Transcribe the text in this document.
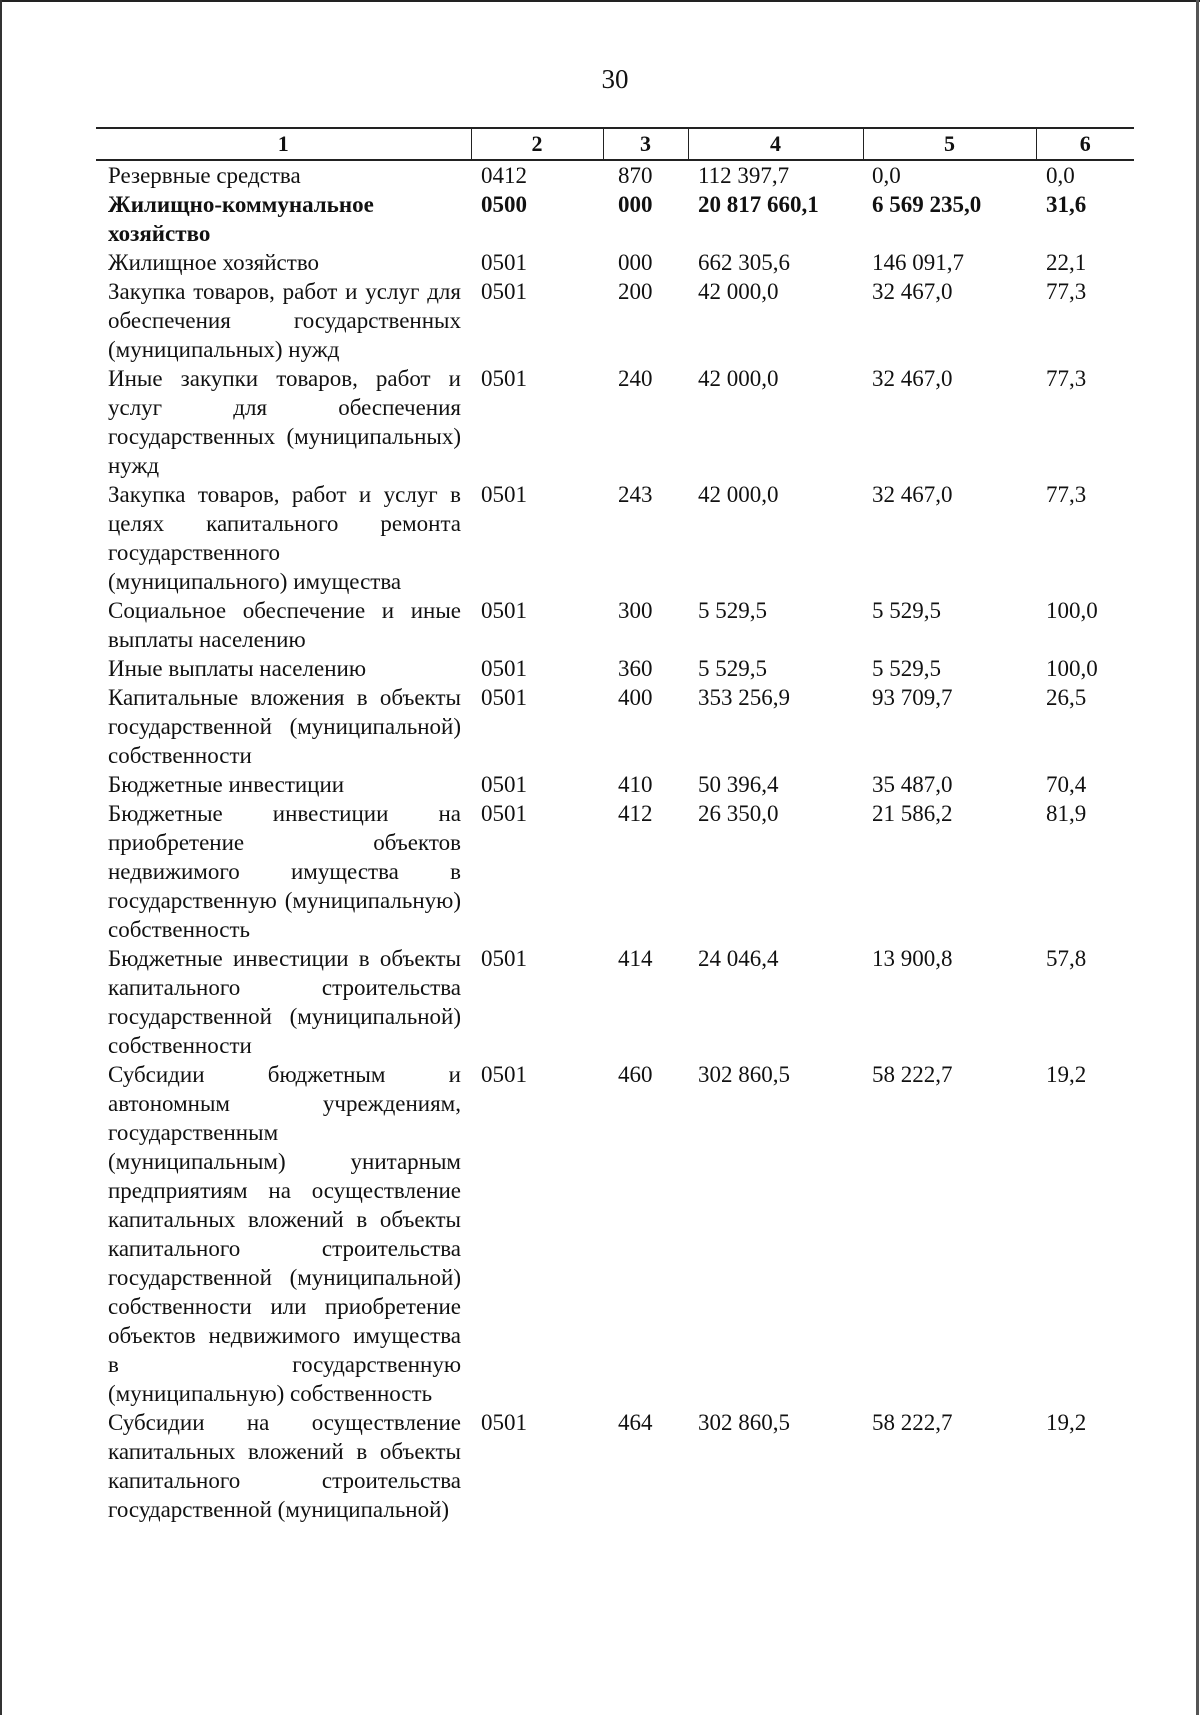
30
1	2	3	4	5	6
Резервные средства	0412	870	112 397,7	0,0	0,0
Жилищно-коммунальное хозяйство	0500	000	20 817 660,1	6 569 235,0	31,6
Жилищное хозяйство	0501	000	662 305,6	146 091,7	22,1
Закупка товаров, работ и услуг для обеспечения государственных (муниципальных) нужд	0501	200	42 000,0	32 467,0	77,3
Иные закупки товаров, работ и услуг для обеспечения государственных (муниципальных) нужд	0501	240	42 000,0	32 467,0	77,3
Закупка товаров, работ и услуг в целях капитального ремонта государственного (муниципального) имущества	0501	243	42 000,0	32 467,0	77,3
Социальное обеспечение и иные выплаты населению	0501	300	5 529,5	5 529,5	100,0
Иные выплаты населению	0501	360	5 529,5	5 529,5	100,0
Капитальные вложения в объекты государственной (муниципальной) собственности	0501	400	353 256,9	93 709,7	26,5
Бюджетные инвестиции	0501	410	50 396,4	35 487,0	70,4
Бюджетные инвестиции на приобретение объектов недвижимого имущества в государственную (муниципальную) собственность	0501	412	26 350,0	21 586,2	81,9
Бюджетные инвестиции в объекты капитального строительства государственной (муниципальной) собственности	0501	414	24 046,4	13 900,8	57,8
Субсидии бюджетным и автономным учреждениям, государственным (муниципальным) унитарным предприятиям на осуществление капитальных вложений в объекты капитального строительства государственной (муниципальной) собственности или приобретение объектов недвижимого имущества в государственную (муниципальную) собственность	0501	460	302 860,5	58 222,7	19,2
Субсидии на осуществление капитальных вложений в объекты капитального строительства государственной (муниципальной)	0501	464	302 860,5	58 222,7	19,2
